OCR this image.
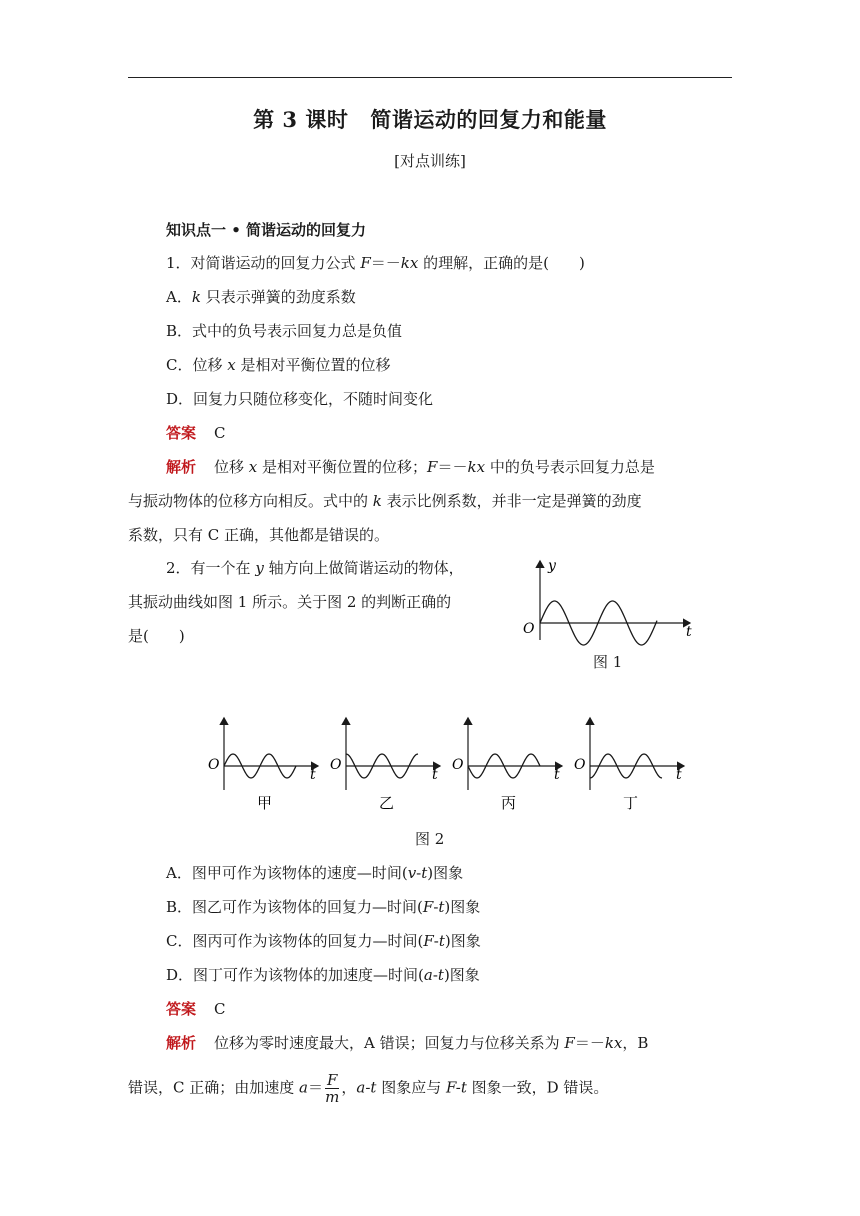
第 3 课时 简谐运动的回复力和能量
[对点训练]
知识点一 • 简谐运动的回复力
1．对简谐运动的回复力公式 F＝－kx 的理解，正确的是(　　)
A．k 只表示弹簧的劲度系数
B．式中的负号表示回复力总是负值
C．位移 x 是相对平衡位置的位移
D．回复力只随位移变化，不随时间变化
答案 C
解析 位移 x 是相对平衡位置的位移；F＝－kx 中的负号表示回复力总是
与振动物体的位移方向相反。式中的 k 表示比例系数，并非一定是弹簧的劲度
系数，只有 C 正确，其他都是错误的。
2．有一个在 y 轴方向上做简谐运动的物体，
其振动曲线如图 1 所示。关于图 2 的判断正确的
是(　　)
y
t
O
图 1
O
t
甲
O
t
乙
O
t
丙
O
t
丁
图 2
A．图甲可作为该物体的速度—时间(v-t)图象
B．图乙可作为该物体的回复力—时间(F-t)图象
C．图丙可作为该物体的回复力—时间(F-t)图象
D．图丁可作为该物体的加速度—时间(a-t)图象
答案 C
解析 位移为零时速度最大，A 错误；回复力与位移关系为 F＝－kx，B
错误，C 正确；由加速度 $a= \frac{F}{m}$ ，a-t 图象应与 F-t 图象一致，D 错误。
